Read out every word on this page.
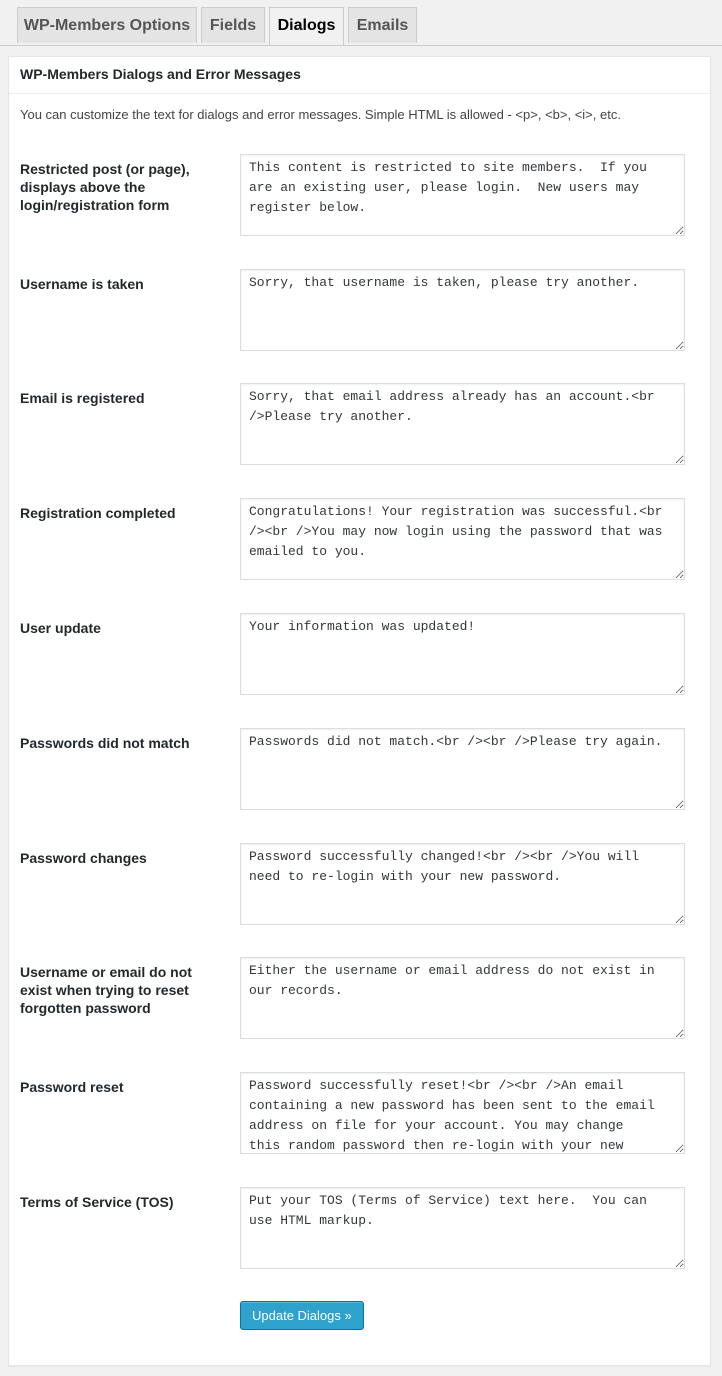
WP-Members Options	Fields	Dialogs	Emails
WP-Members Dialogs and Error Messages
You can customize the text for dialogs and error messages. Simple HTML is allowed - <p>, <b>, <i>, etc.
Restricted post (or page), displays above the login/registration form
This content is restricted to site members. If you are an existing user, please login. New users may register below.
Username is taken
Sorry, that username is taken, please try another.
Email is registered
Sorry, that email address already has an account.<br />Please try another.
Registration completed
Congratulations! Your registration was successful.<br /><br />You may now login using the password that was emailed to you.
User update
Your information was updated!
Passwords did not match
Passwords did not match.<br /><br />Please try again.
Password changes
Password successfully changed!<br /><br />You will need to re-login with your new password.
Username or email do not exist when trying to reset forgotten password
Either the username or email address do not exist in our records.
Password reset
Password successfully reset!<br /><br />An email containing a new password has been sent to the email address on file for your account. You may change this random password then re-login with your new password.
Terms of Service (TOS)
Put your TOS (Terms of Service) text here. You can use HTML markup.
Update Dialogs »
